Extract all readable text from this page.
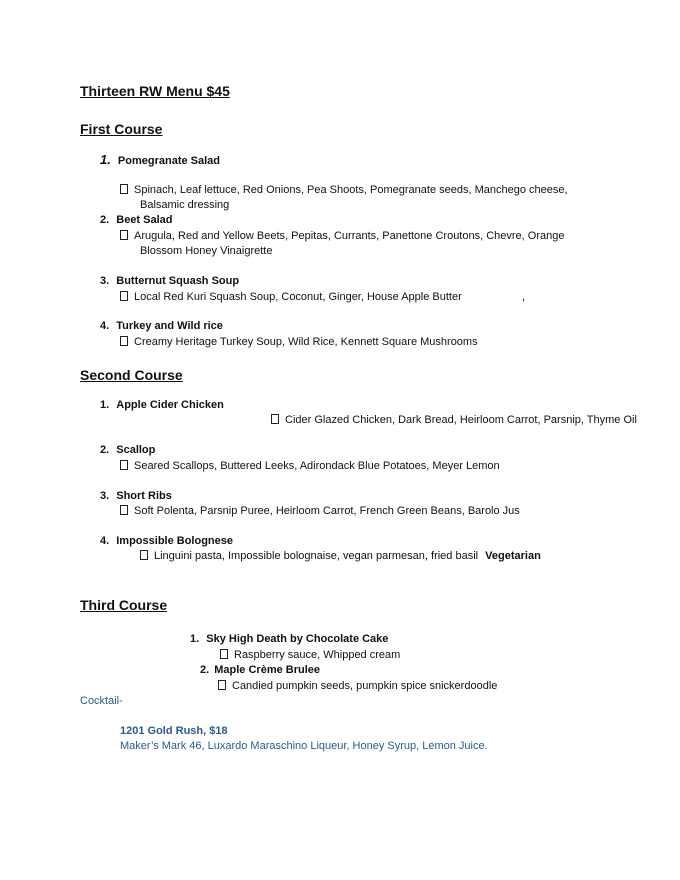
Thirteen RW Menu $45
First Course
1. Pomegranate Salad
Spinach, Leaf lettuce, Red Onions, Pea Shoots, Pomegranate seeds, Manchego cheese,
Balsamic dressing
2. Beet Salad
Arugula, Red and Yellow Beets, Pepitas, Currants, Panettone Croutons, Chevre, Orange
Blossom Honey Vinaigrette
3. Butternut Squash Soup
Local Red Kuri Squash Soup, Coconut, Ginger, House Apple Butter	,
4. Turkey and Wild rice
Creamy Heritage Turkey Soup, Wild Rice, Kennett Square Mushrooms
Second Course
1. Apple Cider Chicken
Cider Glazed Chicken, Dark Bread, Heirloom Carrot, Parsnip, Thyme Oil
2. Scallop
Seared Scallops, Buttered Leeks, Adirondack Blue Potatoes, Meyer Lemon
3. Short Ribs
Soft Polenta, Parsnip Puree, Heirloom Carrot, French Green Beans, Barolo Jus
4. Impossible Bolognese
Linguini pasta, Impossible bolognaise, vegan parmesan, fried basil Vegetarian
Third Course
1. Sky High Death by Chocolate Cake
Raspberry sauce, Whipped cream
2. Maple Crème Brulee
Candied pumpkin seeds, pumpkin spice snickerdoodle
Cocktail-
1201 Gold Rush, $18
Maker’s Mark 46, Luxardo Maraschino Liqueur, Honey Syrup, Lemon Juice.
